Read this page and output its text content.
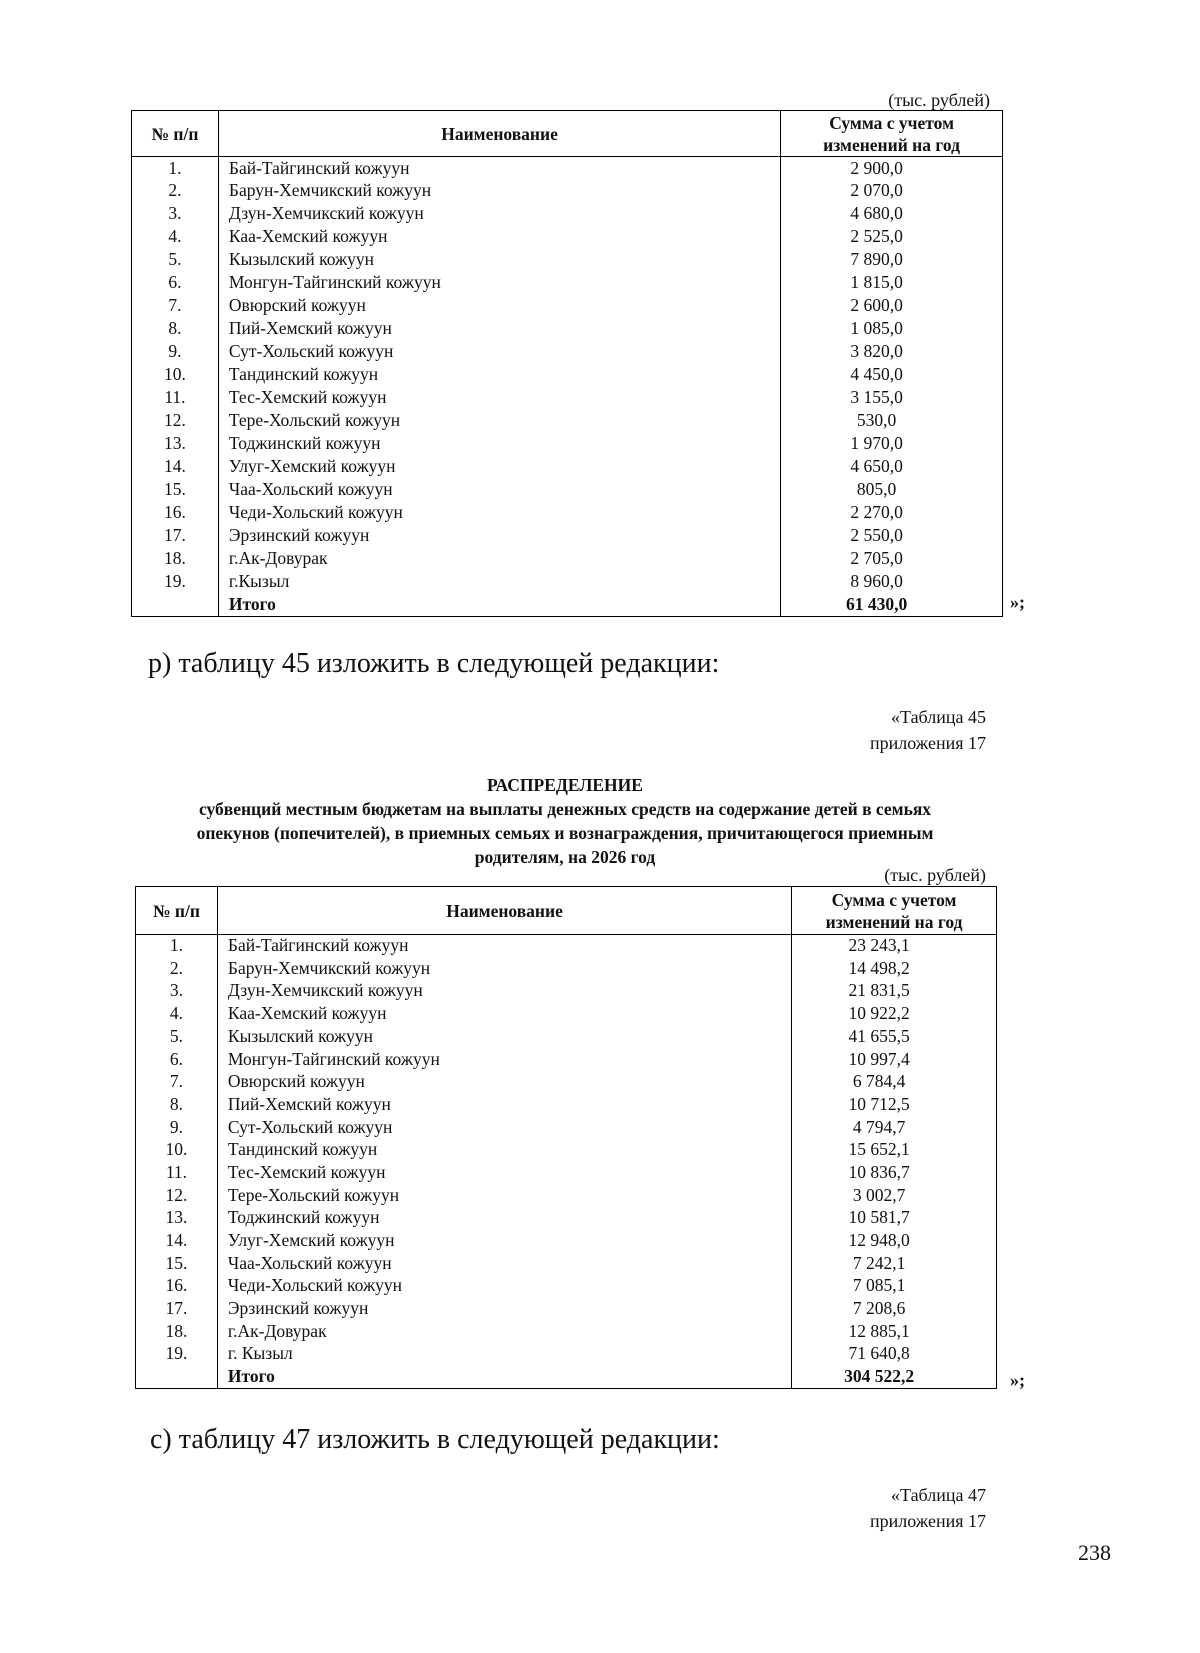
(тыс. рублей)
№ п/п	Наименование	Сумма с учетом
изменений на год

1.	Бай-Тайгинский кожуун	2 900,0
2.	Барун-Хемчикский кожуун	2 070,0
3.	Дзун-Хемчикский кожуун	4 680,0
4.	Каа-Хемский кожуун	2 525,0
5.	Кызылский кожуун	7 890,0
6.	Монгун-Тайгинский кожуун	1 815,0
7.	Овюрский кожуун	2 600,0
8.	Пий-Хемский кожуун	1 085,0
9.	Сут-Хольский кожуун	3 820,0
10.	Тандинский кожуун	4 450,0
11.	Тес-Хемский кожуун	3 155,0
12.	Тере-Хольский кожуун	530,0
13.	Тоджинский кожуун	1 970,0
14.	Улуг-Хемский кожуун	4 650,0
15.	Чаа-Хольский кожуун	805,0
16.	Чеди-Хольский кожуун	2 270,0
17.	Эрзинский кожуун	2 550,0
18.	г.Ак-Довурак	2 705,0
19.	г.Кызыл	8 960,0
	Итого	61 430,0	»;
р) таблицу 45 изложить в следующей редакции:
«Таблица 45
приложения 17
РАСПРЕДЕЛЕНИЕ
субвенций местным бюджетам на выплаты денежных средств на содержание детей в семьях
опекунов (попечителей), в приемных семьях и вознаграждения, причитающегося приемным
родителям, на 2026 год
(тыс. рублей)
№ п/п	Наименование	Сумма с учетом
изменений на год

1.	Бай-Тайгинский кожуун	23 243,1
2.	Барун-Хемчикский кожуун	14 498,2
3.	Дзун-Хемчикский кожуун	21 831,5
4.	Каа-Хемский кожуун	10 922,2
5.	Кызылский кожуун	41 655,5
6.	Монгун-Тайгинский кожуун	10 997,4
7.	Овюрский кожуун	6 784,4
8.	Пий-Хемский кожуун	10 712,5
9.	Сут-Хольский кожуун	4 794,7
10.	Тандинский кожуун	15 652,1
11.	Тес-Хемский кожуун	10 836,7
12.	Тере-Хольский кожуун	3 002,7
13.	Тоджинский кожуун	10 581,7
14.	Улуг-Хемский кожуун	12 948,0
15.	Чаа-Хольский кожуун	7 242,1
16.	Чеди-Хольский кожуун	7 085,1
17.	Эрзинский кожуун	7 208,6
18.	г.Ак-Довурак	12 885,1
19.	г. Кызыл	71 640,8
	Итого	304 522,2	»;
с) таблицу 47 изложить в следующей редакции:
«Таблица 47
приложения 17
238
